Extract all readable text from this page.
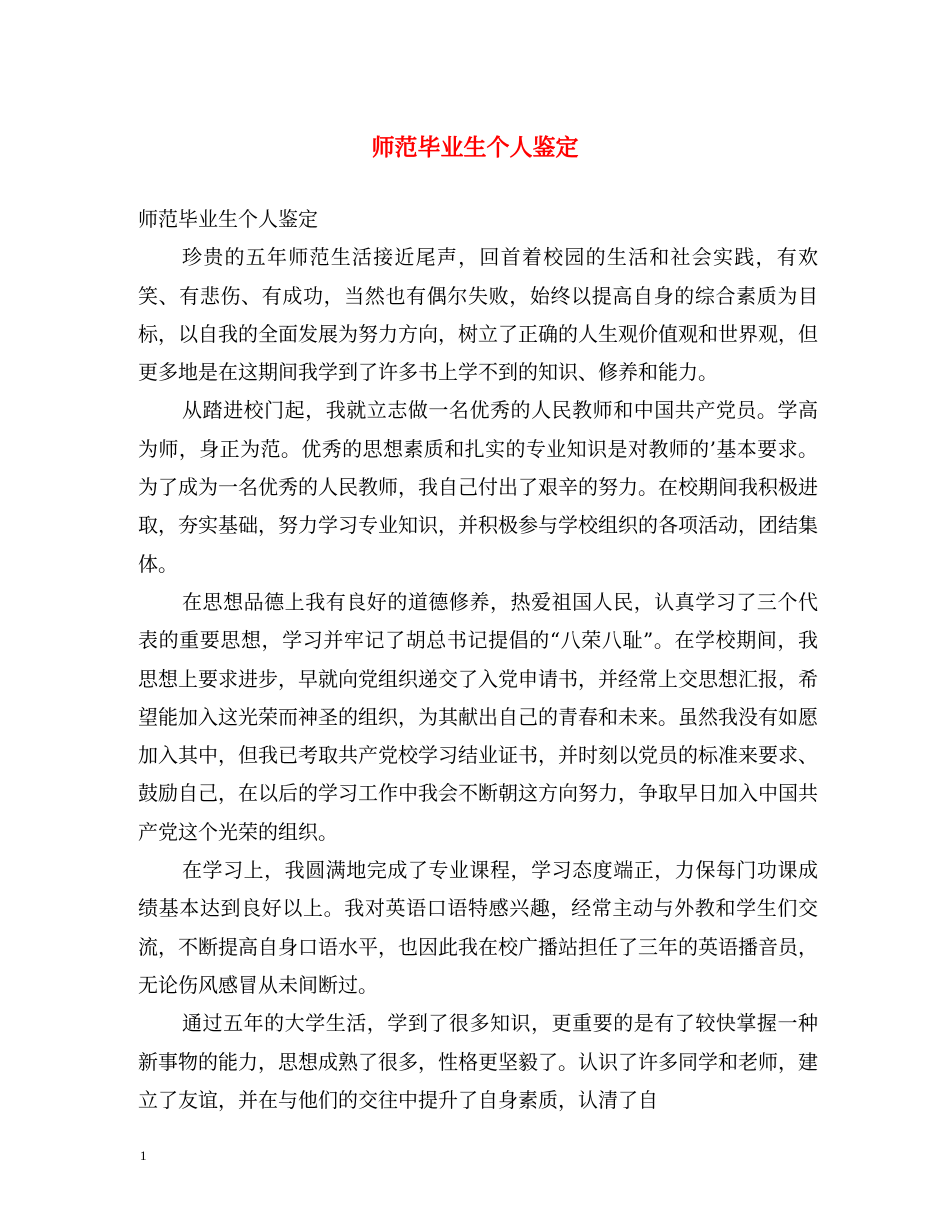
师范毕业生个人鉴定

师范毕业生个人鉴定

珍贵的五年师范生活接近尾声，回首着校园的生活和社会实践，有欢笑、有悲伤、有成功，当然也有偶尔失败，始终以提高自身的综合素质为目标，以自我的全面发展为努力方向，树立了正确的人生观价值观和世界观，但更多地是在这期间我学到了许多书上学不到的知识、修养和能力。

从踏进校门起，我就立志做一名优秀的人民教师和中国共产党员。学高为师，身正为范。优秀的思想素质和扎实的专业知识是对教师的’基本要求。为了成为一名优秀的人民教师，我自己付出了艰辛的努力。在校期间我积极进取，夯实基础，努力学习专业知识，并积极参与学校组织的各项活动，团结集体。

在思想品德上我有良好的道德修养，热爱祖国人民，认真学习了三个代表的重要思想，学习并牢记了胡总书记提倡的“八荣八耻”。在学校期间，我思想上要求进步，早就向党组织递交了入党申请书，并经常上交思想汇报，希望能加入这光荣而神圣的组织，为其献出自己的青春和未来。虽然我没有如愿加入其中，但我已考取共产党校学习结业证书，并时刻以党员的标准来要求、鼓励自己，在以后的学习工作中我会不断朝这方向努力，争取早日加入中国共产党这个光荣的组织。

在学习上，我圆满地完成了专业课程，学习态度端正，力保每门功课成绩基本达到良好以上。我对英语口语特感兴趣，经常主动与外教和学生们交流，不断提高自身口语水平，也因此我在校广播站担任了三年的英语播音员，无论伤风感冒从未间断过。

通过五年的大学生活，学到了很多知识，更重要的是有了较快掌握一种新事物的能力，思想成熟了很多，性格更坚毅了。认识了许多同学和老师，建立了友谊，并在与他们的交往中提升了自身素质，认清了自

1
